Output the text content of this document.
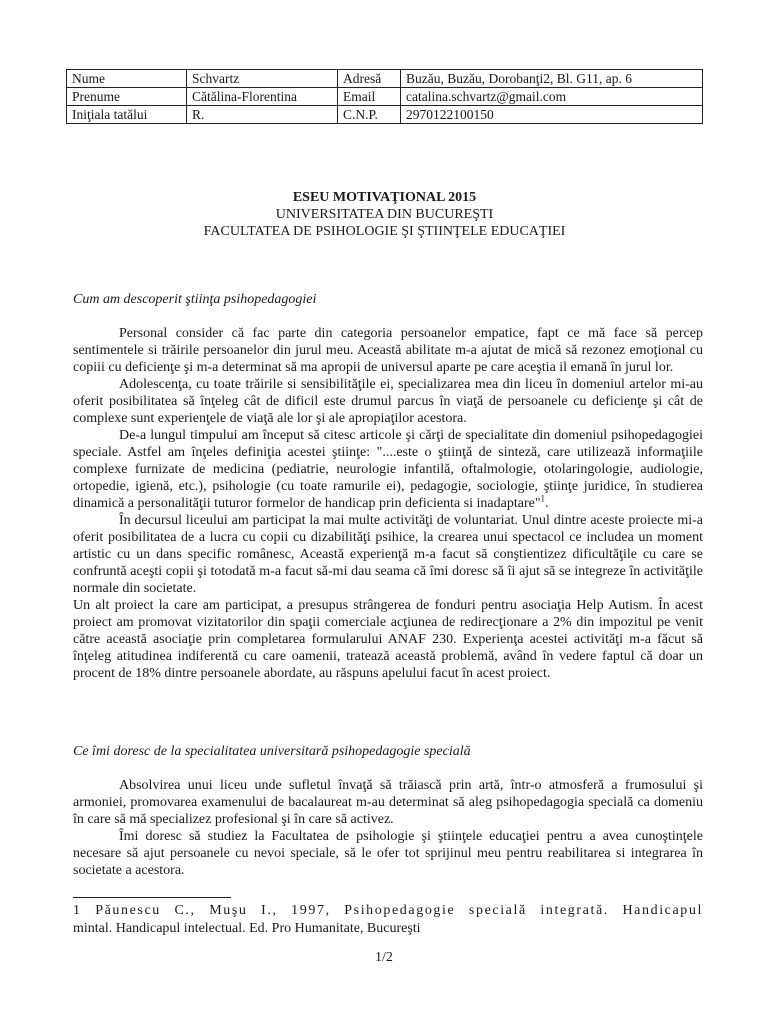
Nume	Schvartz	Adresă	Buzău, Buzău, Dorobanţi2, Bl. G11, ap. 6
Prenume	Cătălina-Florentina	Email	catalina.schvartz@gmail.com
Iniţiala tatălui	R.	C.N.P.	2970122100150
ESEU MOTIVAŢIONAL 2015
UNIVERSITATEA DIN BUCUREŞTI
FACULTATEA DE PSIHOLOGIE ŞI ŞTIINŢELE EDUCAŢIEI
Cum am descoperit ştiinţa psihopedagogiei

Personal consider că fac parte din categoria persoanelor empatice, fapt ce mă face să percep sentimentele si trăirile persoanelor din jurul meu. Această abilitate m-a ajutat de mică să rezonez emoţional cu copiii cu deficienţe şi m-a determinat să ma apropii de universul aparte pe care aceştia il emană în jurul lor.

Adolescenţa, cu toate trăirile si sensibilităţile ei, specializarea mea din liceu în domeniul artelor mi-au oferit posibilitatea să înţeleg cât de dificil este drumul parcus în viaţă de persoanele cu deficienţe şi cât de complexe sunt experienţele de viaţă ale lor şi ale apropiaţilor acestora.

De-a lungul timpului am început să citesc articole şi cărţi de specialitate din domeniul psihopedagogiei speciale. Astfel am înţeles definiţia acestei ştiinţe: "....este o ştiinţă de sinteză, care utilizează informaţiile complexe furnizate de medicina (pediatrie, neurologie infantilă, oftalmologie, otolaringologie, audiologie, ortopedie, igienă, etc.), psihologie (cu toate ramurile ei), pedagogie, sociologie, ştiinţe juridice, în studierea dinamică a personalităţii tuturor formelor de handicap prin deficienta si inadaptare"$^1$.

În decursul liceului am participat la mai multe activităţi de voluntariat. Unul dintre aceste proiecte mi-a oferit posibilitatea de a lucra cu copii cu dizabilităţi psihice, la crearea unui spectacol ce includea un moment artistic cu un dans specific românesc, Această experienţă m-a facut să conştientizez dificultăţile cu care se confruntă aceşti copii şi totodată m-a facut să-mi dau seama că îmi doresc să îi ajut să se integreze în activităţile normale din societate.

Un alt proiect la care am participat, a presupus strângerea de fonduri pentru asociaţia Help Autism. În acest proiect am promovat vizitatorilor din spaţii comerciale acţiunea de redirecţionare a 2% din impozitul pe venit către această asociaţie prin completarea formularului ANAF 230. Experienţa acestei activităţi m-a făcut să înţeleg atitudinea indiferentă cu care oamenii, tratează această problemă, având în vedere faptul că doar un procent de 18% dintre persoanele abordate, au răspuns apelului facut în acest proiect.

Ce îmi doresc de la specialitatea universitară psihopedagogie specială

Absolvirea unui liceu unde sufletul învaţă să trăiască prin artă, într-o atmosferă a frumosului şi armoniei, promovarea examenului de bacalaureat m-au determinat să aleg psihopedagogia specială ca domeniu în care să mă specializez profesional şi în care să activez.

Îmi doresc să studiez la Facultatea de psihologie şi ştiinţele educaţiei pentru a avea cunoştinţele necesare să ajut persoanele cu nevoi speciale, să le ofer tot sprijinul meu pentru reabilitarea si integrarea în societate a acestora.

1 Păunescu C., Muşu I., 1997, Psihopedagogie specială integrată. Handicapul
mintal. Handicapul intelectual. Ed. Pro Humanitate, Bucureşti
1/2
